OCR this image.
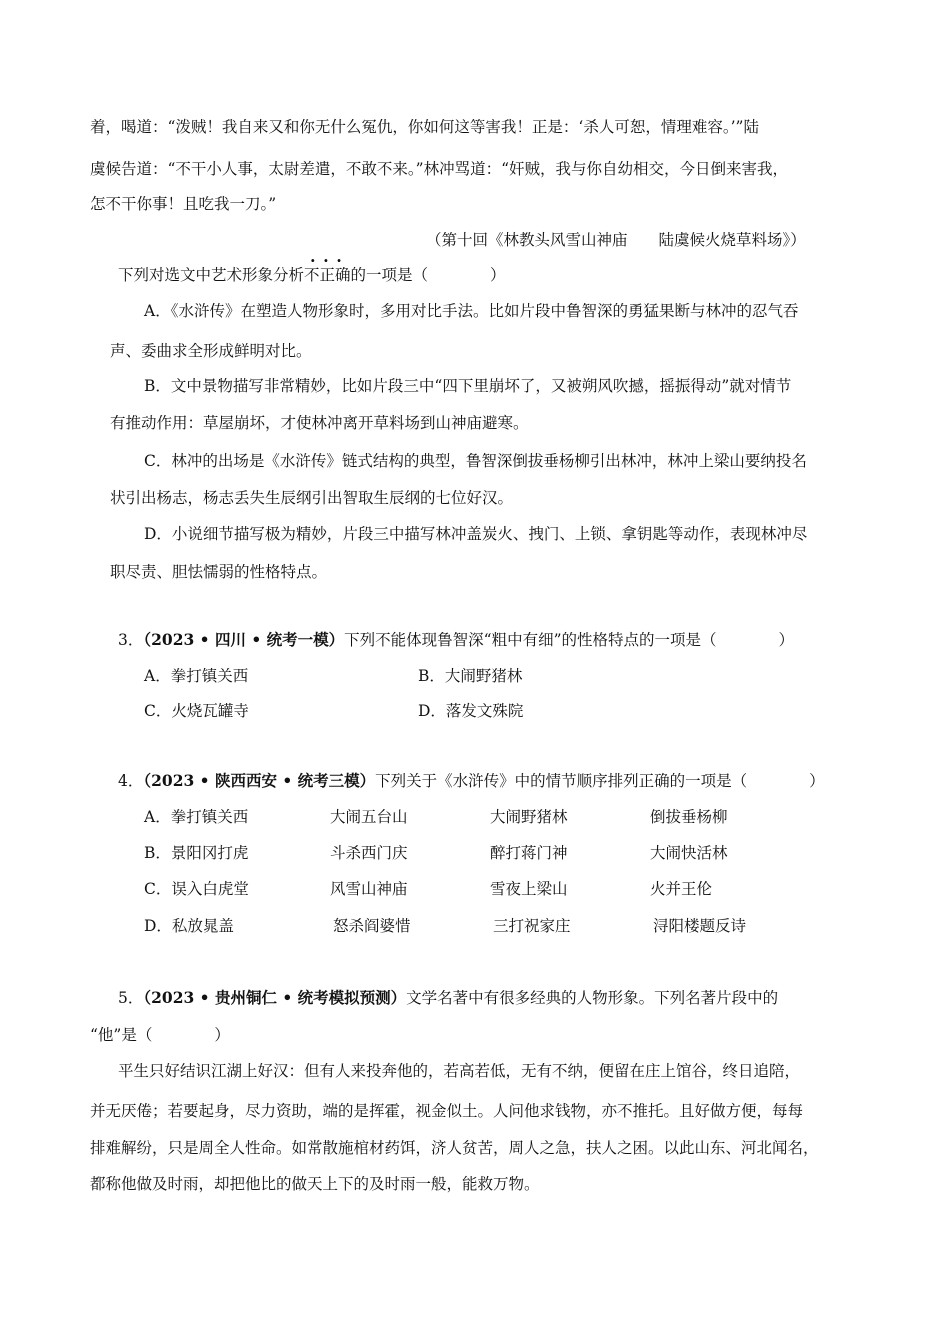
着，喝道：“泼贼！我自来又和你无什么冤仇，你如何这等害我！正是：‘杀人可恕，情理难容。’”陆
虞候告道：“不干小人事，太尉差遣，不敢不来。”林冲骂道：“奸贼，我与你自幼相交，今日倒来害我，
怎不干你事！且吃我一刀。”
（第十回《林教头风雪山神庙　　陆虞候火烧草料场》）
下列对选文中艺术形象分析· · · 不正确的一项是（　　　　）
A．《水浒传》在塑造人物形象时，多用对比手法。比如片段中鲁智深的勇猛果断与林冲的忍气吞
声、委曲求全形成鲜明对比。
B．文中景物描写非常精妙，比如片段三中“四下里崩坏了，又被朔风吹撼，摇振得动”就对情节
有推动作用：草屋崩坏，才使林冲离开草料场到山神庙避寒。
C．林冲的出场是《水浒传》链式结构的典型，鲁智深倒拔垂杨柳引出林冲，林冲上梁山要纳投名
状引出杨志，杨志丢失生辰纲引出智取生辰纲的七位好汉。
D．小说细节描写极为精妙，片段三中描写林冲盖炭火、拽门、上锁、拿钥匙等动作，表现林冲尽
职尽责、胆怯懦弱的性格特点。
3．（2023 • 四川 • 统考一模）下列不能体现鲁智深“粗中有细”的性格特点的一项是（　　　　）
A．拳打镇关西	B．大闹野猪林
C．火烧瓦罐寺	D．落发文殊院
4．（2023 • 陕西西安 • 统考三模）下列关于《水浒传》中的情节顺序排列正确的一项是（　　　　）
A．拳打镇关西	大闹五台山	大闹野猪林	倒拔垂杨柳
B．景阳冈打虎	斗杀西门庆	醉打蒋门神	大闹快活林
C．误入白虎堂	风雪山神庙	雪夜上梁山	火并王伦
D．私放晁盖	怒杀阎婆惜	三打祝家庄	浔阳楼题反诗
5．（2023 • 贵州铜仁 • 统考模拟预测）文学名著中有很多经典的人物形象。下列名著片段中的
“他”是（　　　　）
平生只好结识江湖上好汉：但有人来投奔他的，若高若低，无有不纳，便留在庄上馆谷，终日追陪，
并无厌倦；若要起身，尽力资助，端的是挥霍，视金似土。人问他求钱物，亦不推托。且好做方便，每每
排难解纷，只是周全人性命。如常散施棺材药饵，济人贫苦，周人之急，扶人之困。以此山东、河北闻名，
都称他做及时雨，却把他比的做天上下的及时雨一般，能救万物。
